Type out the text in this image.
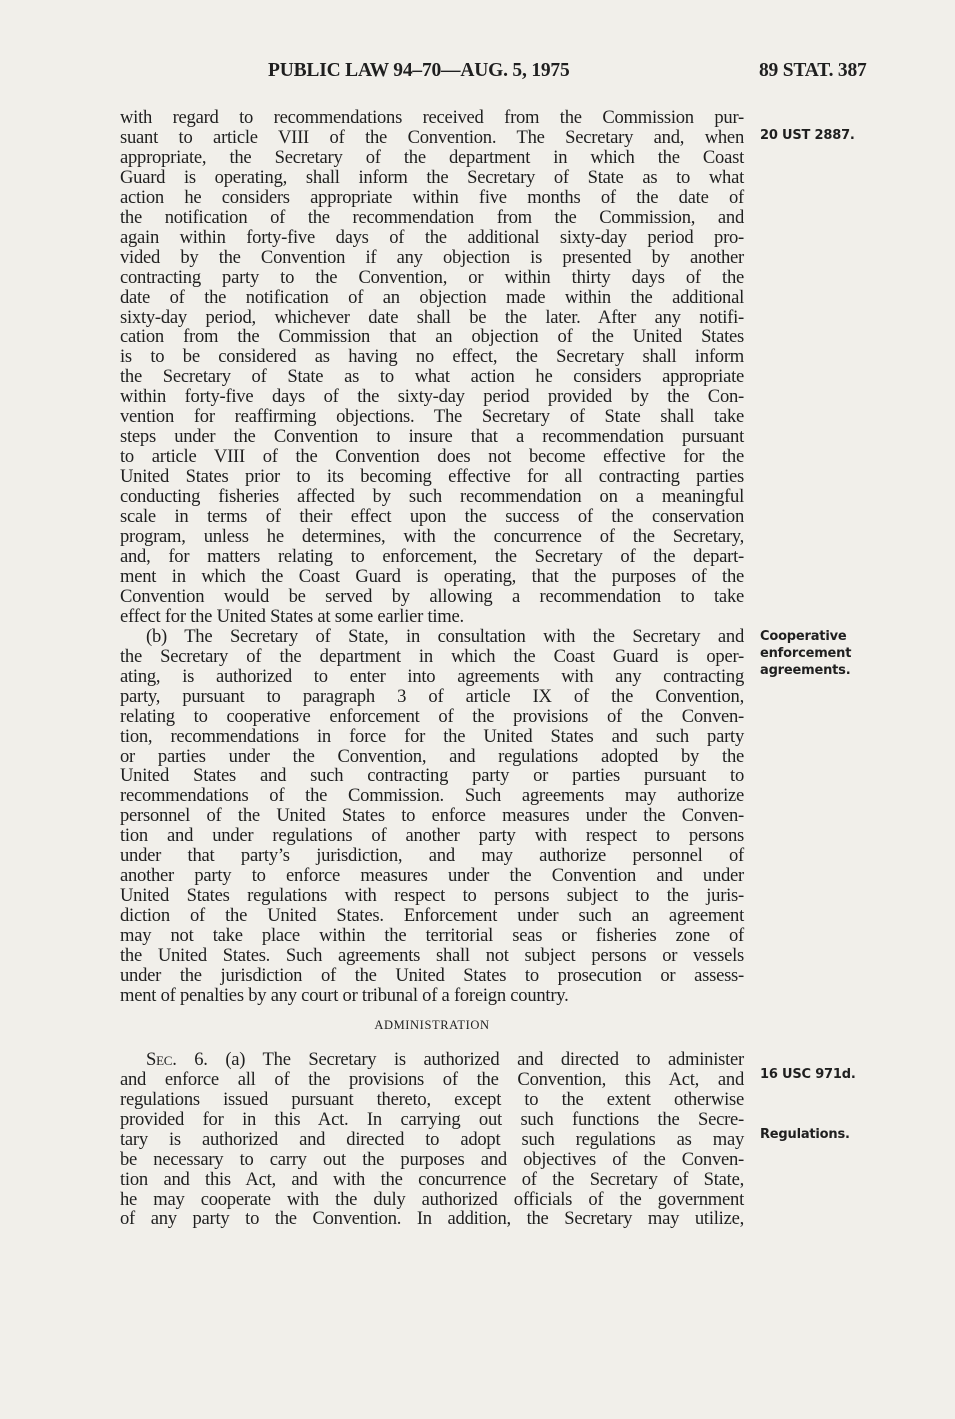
PUBLIC LAW 94–70—AUG. 5, 1975	89 STAT. 387
20 UST 2887.
Cooperative
enforcement
agreements.
16 USC 971d.
Regulations.

with regard to recommendations received from the Commission pur-

suant to article VIII of the Convention. The Secretary and, when

appropriate, the Secretary of the department in which the Coast

Guard is operating, shall inform the Secretary of State as to what

action he considers appropriate within five months of the date of

the notification of the recommendation from the Commission, and

again within forty-five days of the additional sixty-day period pro-

vided by the Convention if any objection is presented by another

contracting party to the Convention, or within thirty days of the

date of the notification of an objection made within the additional

sixty-day period, whichever date shall be the later. After any notifi-

cation from the Commission that an objection of the United States

is to be considered as having no effect, the Secretary shall inform

the Secretary of State as to what action he considers appropriate

within forty-five days of the sixty-day period provided by the Con-

vention for reaffirming objections. The Secretary of State shall take

steps under the Convention to insure that a recommendation pursuant

to article VIII of the Convention does not become effective for the

United States prior to its becoming effective for all contracting parties

conducting fisheries affected by such recommendation on a meaningful

scale in terms of their effect upon the success of the conservation

program, unless he determines, with the concurrence of the Secretary,

and, for matters relating to enforcement, the Secretary of the depart-

ment in which the Coast Guard is operating, that the purposes of the

Convention would be served by allowing a recommendation to take

effect for the United States at some earlier time.

(b) The Secretary of State, in consultation with the Secretary and

the Secretary of the department in which the Coast Guard is oper-

ating, is authorized to enter into agreements with any contracting

party, pursuant to paragraph 3 of article IX of the Convention,

relating to cooperative enforcement of the provisions of the Conven-

tion, recommendations in force for the United States and such party

or parties under the Convention, and regulations adopted by the

United States and such contracting party or parties pursuant to

recommendations of the Commission. Such agreements may authorize

personnel of the United States to enforce measures under the Conven-

tion and under regulations of another party with respect to persons

under that party’s jurisdiction, and may authorize personnel of

another party to enforce measures under the Convention and under

United States regulations with respect to persons subject to the juris-

diction of the United States. Enforcement under such an agreement

may not take place within the territorial seas or fisheries zone of

the United States. Such agreements shall not subject persons or vessels

under the jurisdiction of the United States to prosecution or assess-

ment of penalties by any court or tribunal of a foreign country.

ADMINISTRATION

Sec. 6. (a) The Secretary is authorized and directed to administer

and enforce all of the provisions of the Convention, this Act, and

regulations issued pursuant thereto, except to the extent otherwise

provided for in this Act. In carrying out such functions the Secre-

tary is authorized and directed to adopt such regulations as may

be necessary to carry out the purposes and objectives of the Conven-

tion and this Act, and with the concurrence of the Secretary of State,

he may cooperate with the duly authorized officials of the government

of any party to the Convention. In addition, the Secretary may utilize,
